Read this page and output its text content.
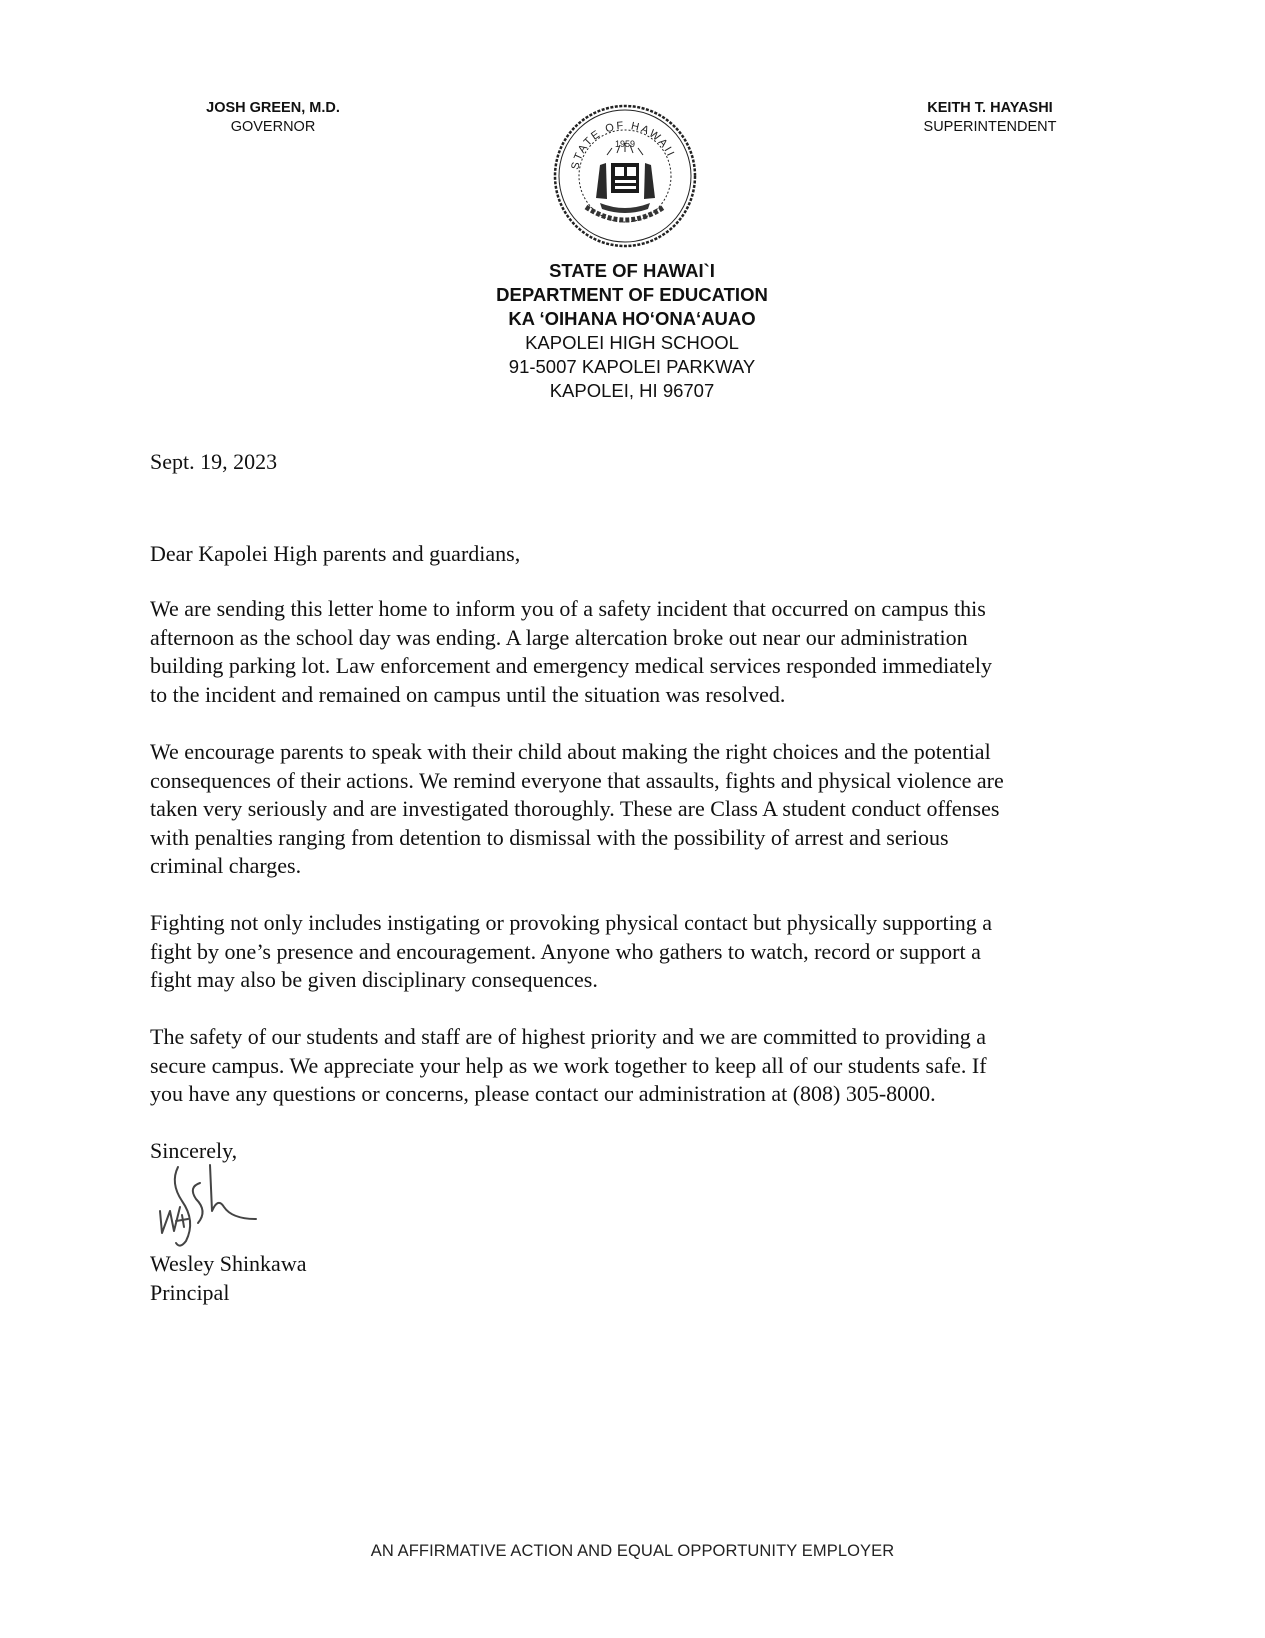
JOSH GREEN, M.D.
GOVERNOR
STATE OF HAWAII
1959
KEITH T. HAYASHI
SUPERINTENDENT
STATE OF HAWAI`I
DEPARTMENT OF EDUCATION
KA ‘OIHANA HO‘ONA‘AUAO
KAPOLEI HIGH SCHOOL
91-5007 KAPOLEI PARKWAY
KAPOLEI, HI 96707
Sept. 19, 2023
Dear Kapolei High parents and guardians,
We are sending this letter home to inform you of a safety incident that occurred on campus this
afternoon as the school day was ending. A large altercation broke out near our administration
building parking lot. Law enforcement and emergency medical services responded immediately
to the incident and remained on campus until the situation was resolved.
We encourage parents to speak with their child about making the right choices and the potential
consequences of their actions. We remind everyone that assaults, fights and physical violence are
taken very seriously and are investigated thoroughly. These are Class A student conduct offenses
with penalties ranging from detention to dismissal with the possibility of arrest and serious
criminal charges.
Fighting not only includes instigating or provoking physical contact but physically supporting a
fight by one’s presence and encouragement. Anyone who gathers to watch, record or support a
fight may also be given disciplinary consequences.
The safety of our students and staff are of highest priority and we are committed to providing a
secure campus. We appreciate your help as we work together to keep all of our students safe. If
you have any questions or concerns, please contact our administration at (808) 305-8000.
Sincerely,
Wesley Shinkawa
Principal
AN AFFIRMATIVE ACTION AND EQUAL OPPORTUNITY EMPLOYER
